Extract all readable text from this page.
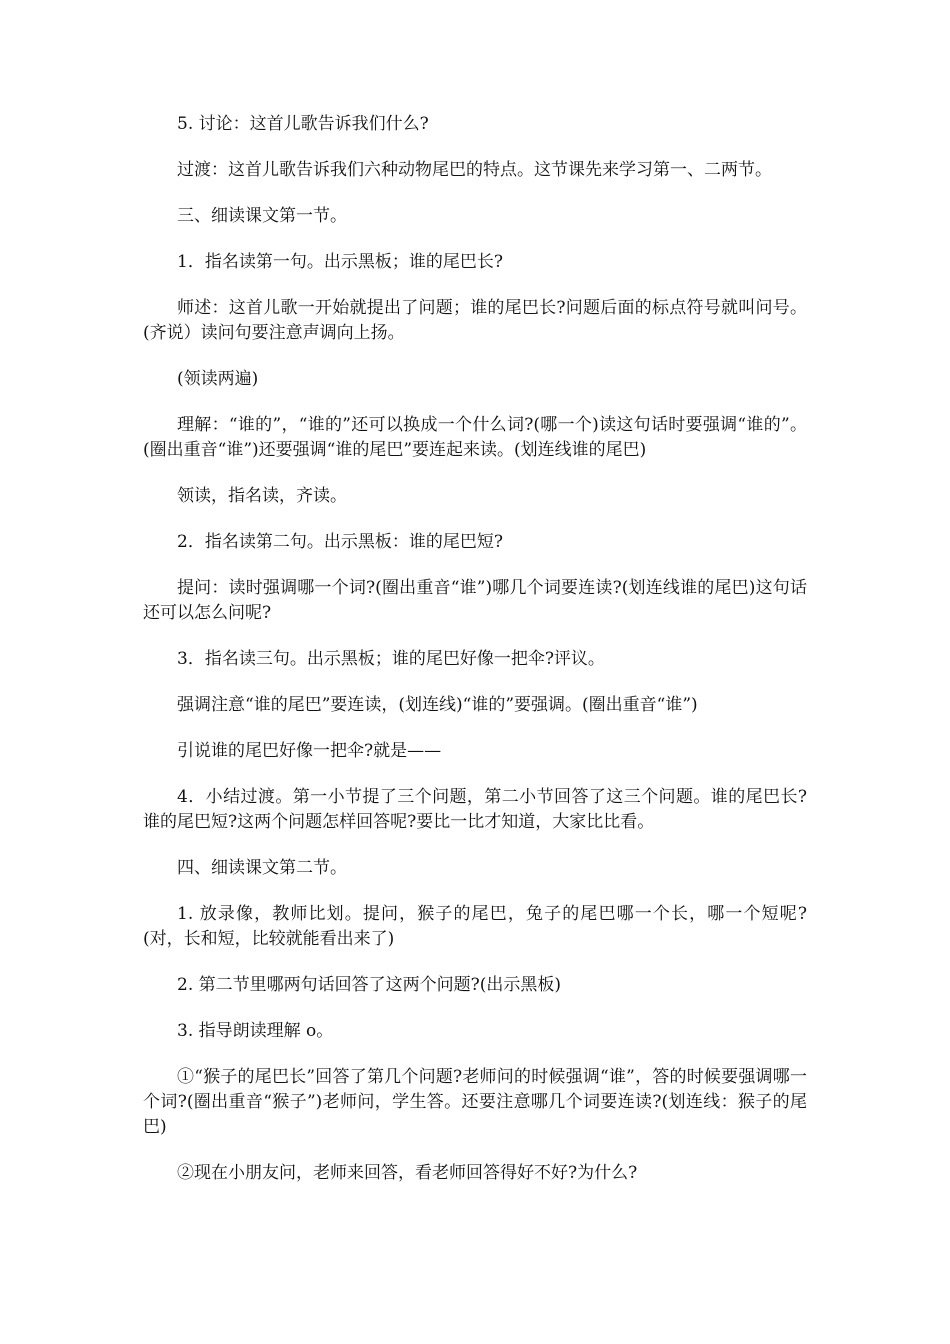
5. 讨论：这首儿歌告诉我们什么?

过渡：这首儿歌告诉我们六种动物尾巴的特点。这节课先来学习第一、二两节。

三、细读课文第一节。

1．指名读第一句。出示黑板；谁的尾巴长?

师述：这首儿歌一开始就提出了问题；谁的尾巴长?问题后面的标点符号就叫问号。(齐说）读问句要注意声调向上扬。

(领读两遍)

理解：“谁的”，“谁的”还可以换成一个什么词?(哪一个)读这句话时要强调“谁的”。(圈出重音“谁”)还要强调“谁的尾巴”要连起来读。(划连线谁的尾巴)

领读，指名读，齐读。

2．指名读第二句。出示黑板：谁的尾巴短?

提问：读时强调哪一个词?(圈出重音“谁”)哪几个词要连读?(划连线谁的尾巴)这句话还可以怎么问呢?

3．指名读三句。出示黑板；谁的尾巴好像一把伞?评议。

强调注意“谁的尾巴”要连读，(划连线)“谁的”要强调。(圈出重音“谁”)

引说谁的尾巴好像一把伞?就是——

4．小结过渡。第一小节提了三个问题，第二小节回答了这三个问题。谁的尾巴长?谁的尾巴短?这两个问题怎样回答呢?要比一比才知道，大家比比看。

四、细读课文第二节。

1. 放录像，教师比划。提问，猴子的尾巴，兔子的尾巴哪一个长，哪一个短呢?(对，长和短，比较就能看出来了)

2. 第二节里哪两句话回答了这两个问题?(出示黑板)

3. 指导朗读理解 o。

①“猴子的尾巴长”回答了第几个问题?老师问的时候强调“谁”，答的时候要强调哪一个词?(圈出重音“猴子”)老师问，学生答。还要注意哪几个词要连读?(划连线：猴子的尾巴)

②现在小朋友问，老师来回答，看老师回答得好不好?为什么?
